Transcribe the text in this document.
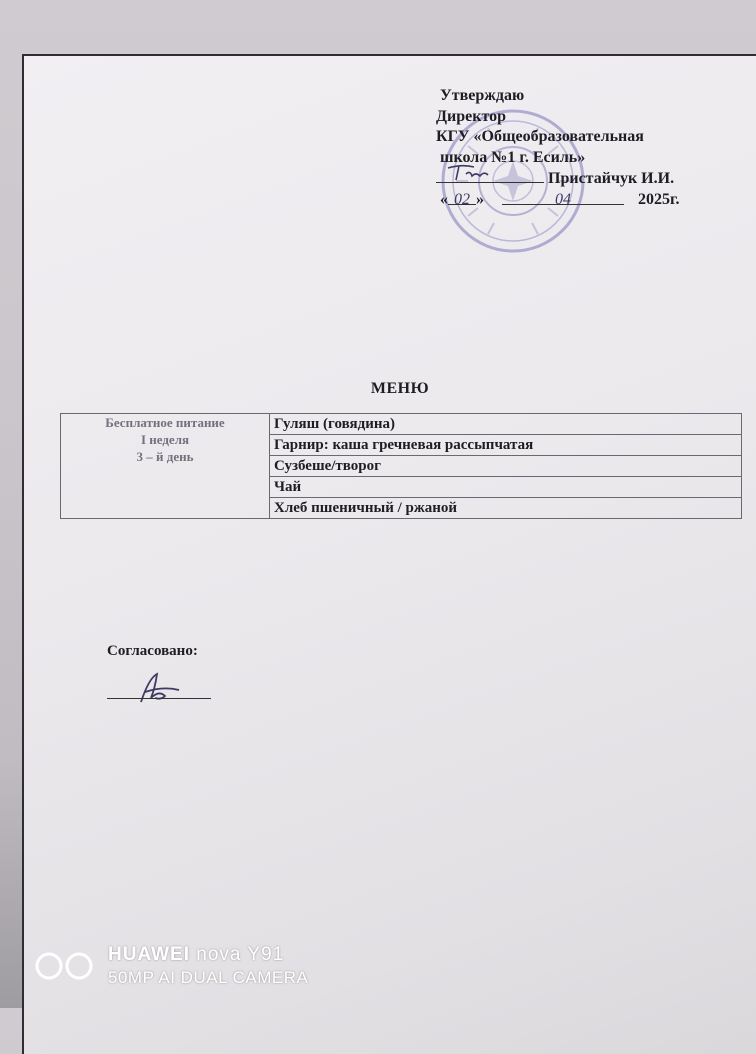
Утверждаю
Директор
КГУ «Общеобразовательная
школа №1 г. Есиль»
Пристайчук И.И.
« 02 »	04	2025г.
МЕНЮ
Бесплатное питание
I неделя
3 – й день
	Гуляш (говядина)
Гарнир: каша гречневая рассыпчатая
Сузбеше/творог
Чай
Хлеб пшеничный / ржаной
Согласовано:
HUAWEI nova Y91
50MP AI DUAL CAMERA
